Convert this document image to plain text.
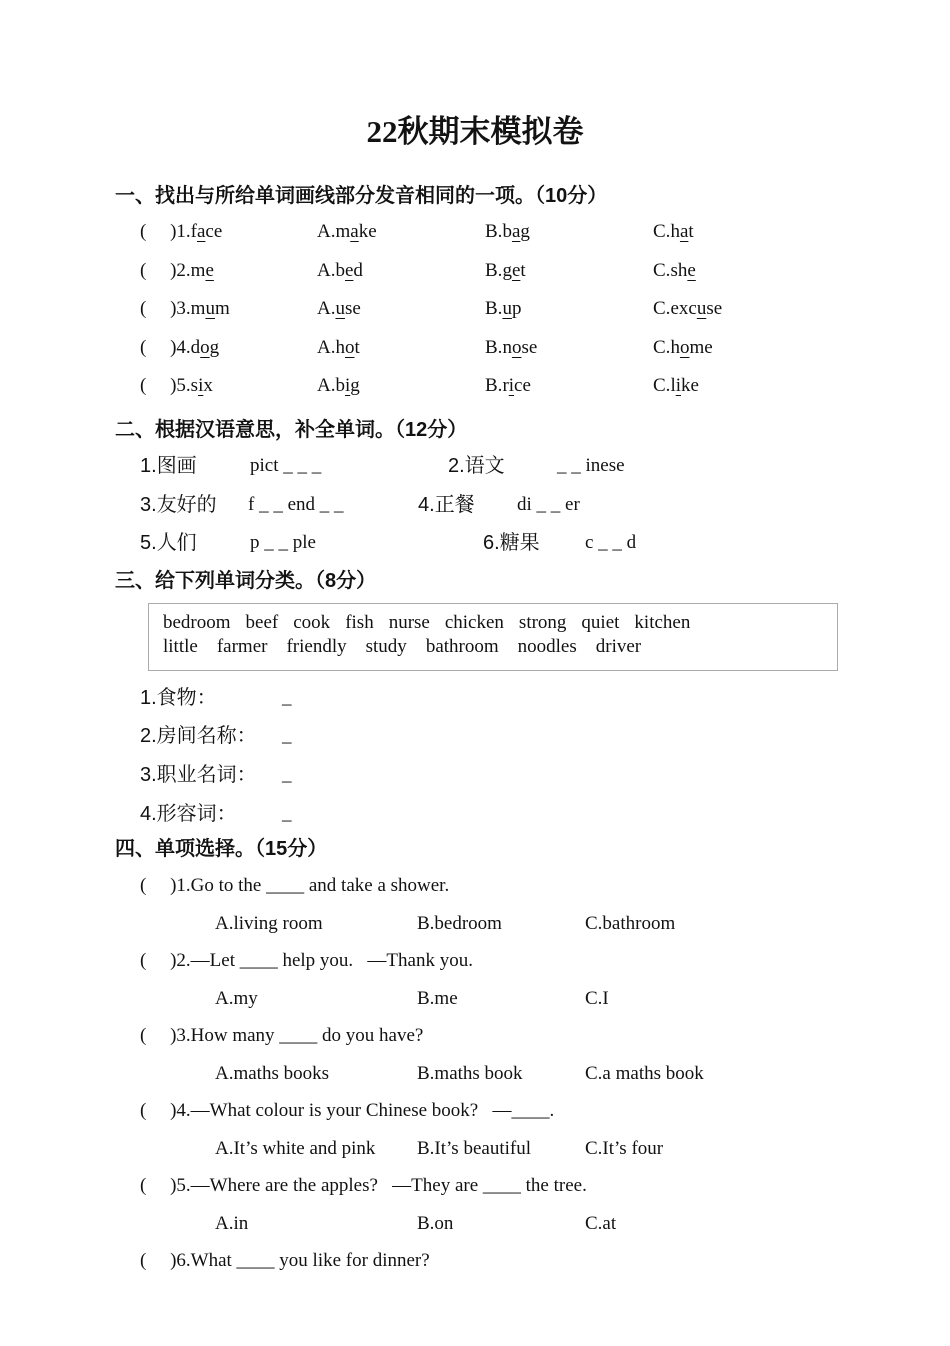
22秋期末模拟卷
一、找出与所给单词画线部分发音相同的一项。（10分）
(     )1.face	A.make	B.bag	C.hat
(     )2.me	A.bed	B.get	C.she
(     )3.mum	A.use	B.up	C.excuse
(     )4.dog	A.hot	B.nose	C.home
(     )5.six	A.big	B.rice	C.like
二、根据汉语意思，补全单词。（12分）
1.图画	pict _ _ _	2.语文	_ _ inese
3.友好的	f _ _ end _ _	4.正餐	di _ _ er
5.人们	p _ _ ple	6.糖果	c _ _ d
三、给下列单词分类。（8分）
bedroom beef cook fish nurse chicken strong quiet kitchen
little farmer friendly study bathroom noodles driver
1.食物：	_
2.房间名称：	_
3.职业名词：	_
4.形容词：	_
四、单项选择。（15分）
(     )1.Go to the ____ and take a shower.
A.living room	B.bedroom	C.bathroom
(     )2.—Let ____ help you.   —Thank you.
A.my	B.me	C.I
(     )3.How many ____ do you have?
A.maths books	B.maths book	C.a maths book
(     )4.—What colour is your Chinese book?   —____.
A.It’s white and pink	B.It’s beautiful	C.It’s four
(     )5.—Where are the apples?   —They are ____ the tree.
A.in	B.on	C.at
(     )6.What ____ you like for dinner?
